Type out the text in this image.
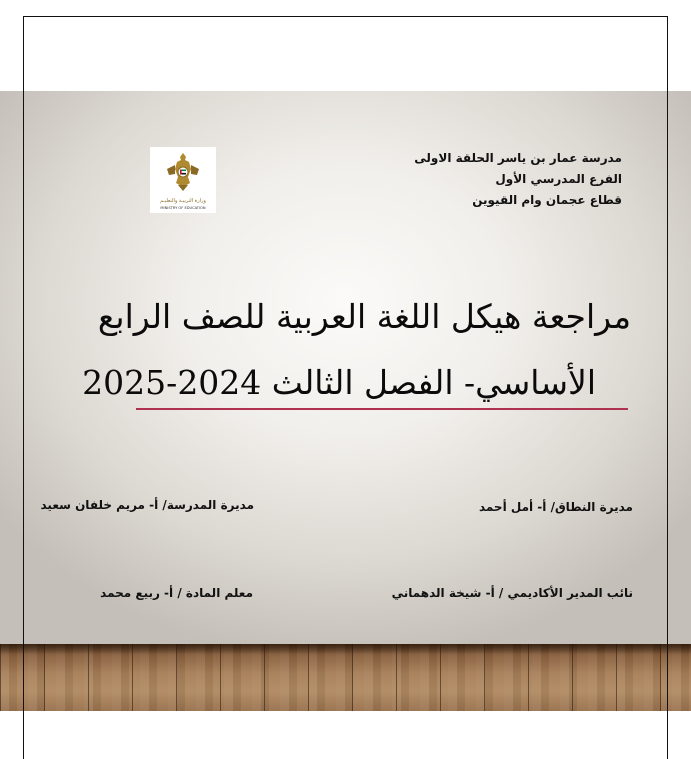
وزارة التربيـة والتعليـم
MINISTRY OF EDUCATION
مدرسة عمار بن ياسر الحلقة الاولى
الفرع المدرسي الأول
قطاع عجمان وام القيوين
مراجعة هيكل اللغة العربية للصف الرابع
الأساسي- الفصل الثالث 2024-2025
مديرة النطاق/ أ- أمل أحمد
مديرة المدرسة/ أ- مريم خلفان سعيد
نائب المدير الأكاديمي / أ- شيخة الدهماني
معلم المادة / أ- ربيع محمد
